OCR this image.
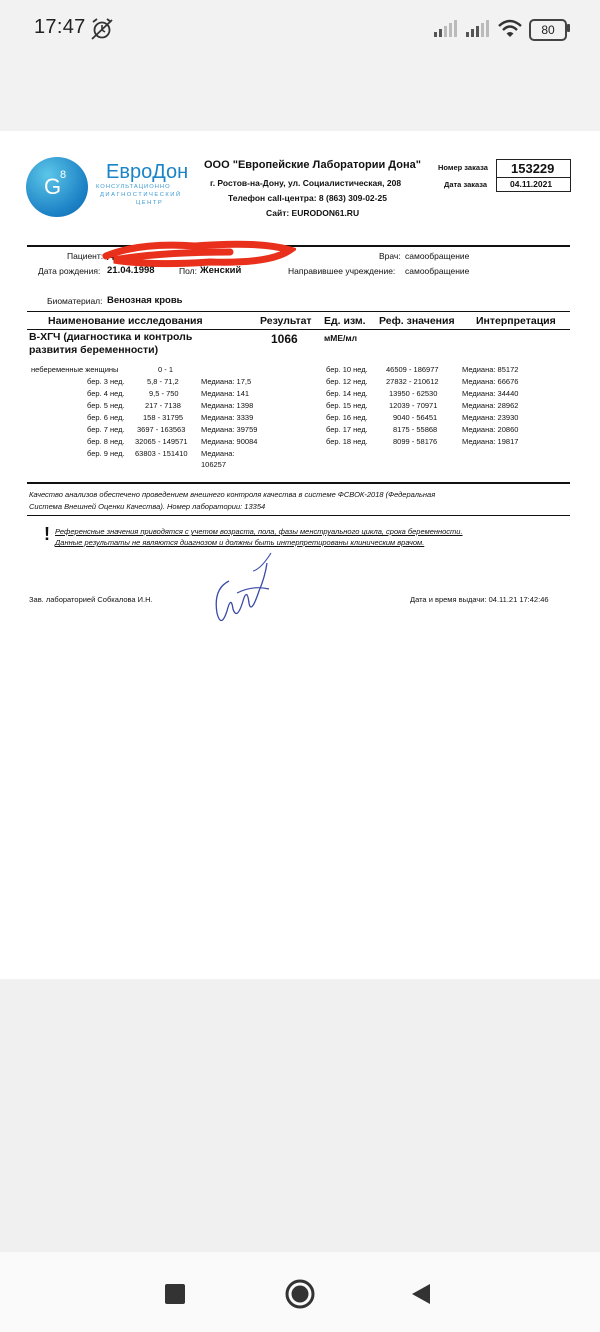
17:47	80
G
8 ЕвроДон
КОНСУЛЬТАЦИОННО
ДИАГНОСТИЧЕСКИЙ
ЦЕНТР
ООО "Европейские Лаборатории Дона"
г. Ростов-на-Дону, ул. Социалистическая, 208
Телефон call-центра: 8 (863) 309-02-25
Сайт: EURODON61.RU
Номер заказа 153229
Дата заказа	04.11.2021
Пациент: Д
Дата рождения: 21.04.1998	Пол: Женский
Врач: самообращение
Направившее учреждение: самообращение
Биоматериал: Венозная кровь
Наименование исследования	Результат Ед. изм. Реф. значения Интерпретация
B-ХГЧ (диагностика и контроль
развития беременности)
1066	мМЕ/мл
небеременные женщины	0 - 1
бер. 3 нед.	5,8 - 71,2	Медиана: 17,5
бер. 4 нед.	9,5 - 750	Медиана: 141
бер. 5 нед.	217 - 7138	Медиана: 1398
бер. 6 нед. 158 - 31795 Медиана: 3339
бер. 7 нед. 3697 - 163563 Медиана: 39759
бер. 8 нед. 32065 - 149571 Медиана: 90084
бер. 9 нед. 63803 - 151410 Медиана:
106257
бер. 10 нед. 46509 - 186977	Медиана: 85172
бер. 12 нед. 27832 - 210612	Медиана: 66676
бер. 14 нед.	13950 - 62530	Медиана: 34440
бер. 15 нед.	12039 - 70971	Медиана: 28962
бер. 16 нед.	9040 - 56451	Медиана: 23930
бер. 17 нед.	8175 - 55868	Медиана: 20860
бер. 18 нед.	8099 - 58176	Медиана: 19817
Качество анализов обеспечено проведением внешнего контроля качества в системе ФСВОК-2018 (Федеральная
Система Внешней Оценки Качества). Номер лаборатории: 13354
! Референсные значения приводятся с учетом возраста, пола, фазы менструального цикла, срока беременности.
Данные результаты не являются диагнозом и должны быть интерпретированы клиническим врачом.
Зав. лабораторией Собкалова И.Н.	Дата и время выдачи: 04.11.21 17:42:46
